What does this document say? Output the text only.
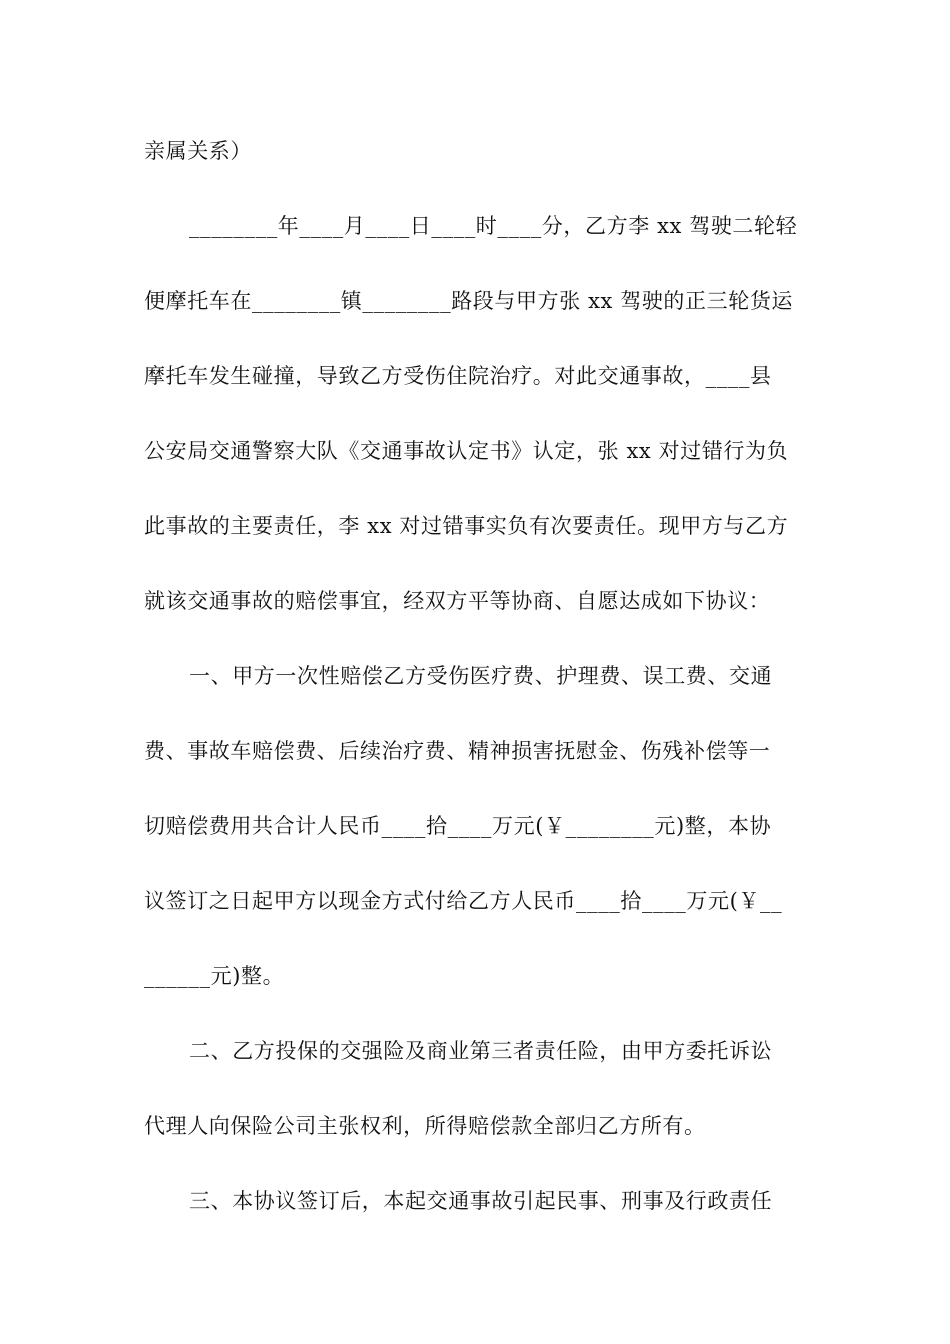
亲属关系）
________年____月____日____时____分，乙方李 xx 驾驶二轮轻
便摩托车在________镇________路段与甲方张 xx 驾驶的正三轮货运
摩托车发生碰撞，导致乙方受伤住院治疗。对此交通事故，____县
公安局交通警察大队《交通事故认定书》认定，张 xx 对过错行为负
此事故的主要责任，李 xx 对过错事实负有次要责任。现甲方与乙方
就该交通事故的赔偿事宜，经双方平等协商、自愿达成如下协议：
一、甲方一次性赔偿乙方受伤医疗费、护理费、误工费、交通
费、事故车赔偿费、后续治疗费、精神损害抚慰金、伤残补偿等一
切赔偿费用共合计人民币____拾____万元(￥________元)整，本协
议签订之日起甲方以现金方式付给乙方人民币____拾____万元(￥__
______元)整。
二、乙方投保的交强险及商业第三者责任险，由甲方委托诉讼
代理人向保险公司主张权利，所得赔偿款全部归乙方所有。
三、本协议签订后，本起交通事故引起民事、刑事及行政责任
